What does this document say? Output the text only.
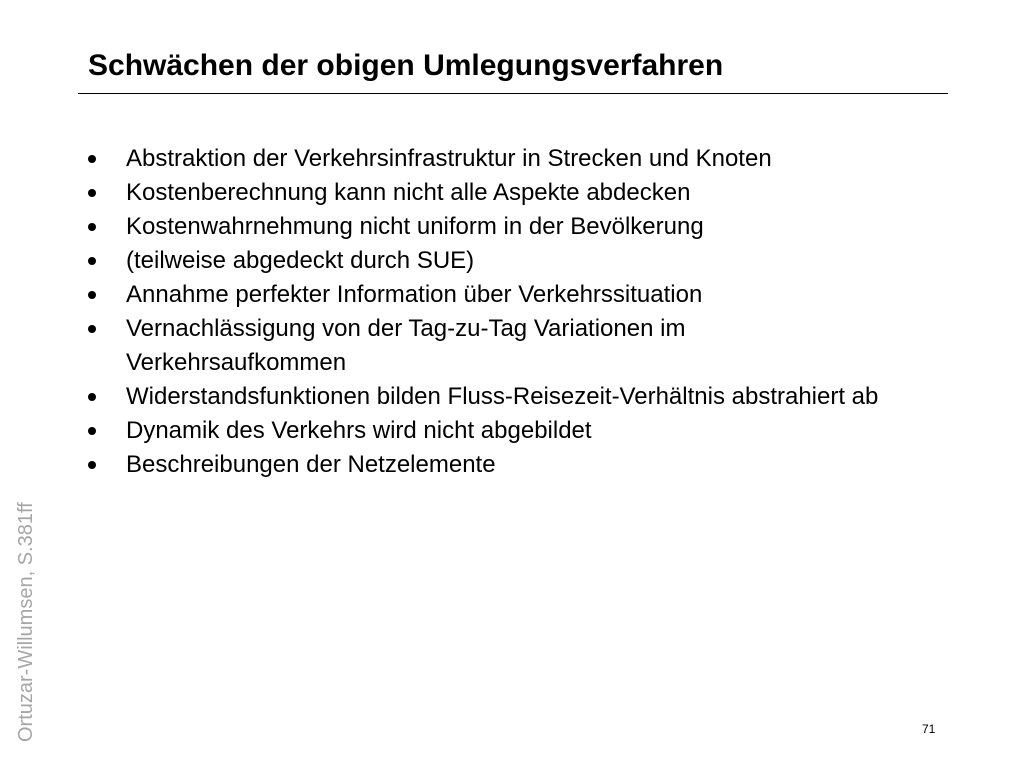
Schwächen der obigen Umlegungsverfahren
Abstraktion der Verkehrsinfrastruktur in Strecken und Knoten
Kostenberechnung kann nicht alle Aspekte abdecken
Kostenwahrnehmung nicht uniform in der Bevölkerung
(teilweise abgedeckt durch SUE)
Annahme perfekter Information über Verkehrssituation
Vernachlässigung von der Tag-zu-Tag Variationen im Verkehrsaufkommen
Widerstandsfunktionen bilden Fluss-Reisezeit-Verhältnis abstrahiert ab
Dynamik des Verkehrs wird nicht abgebildet
Beschreibungen der Netzelemente
Ortuzar-Willumsen, S.381ff	71
